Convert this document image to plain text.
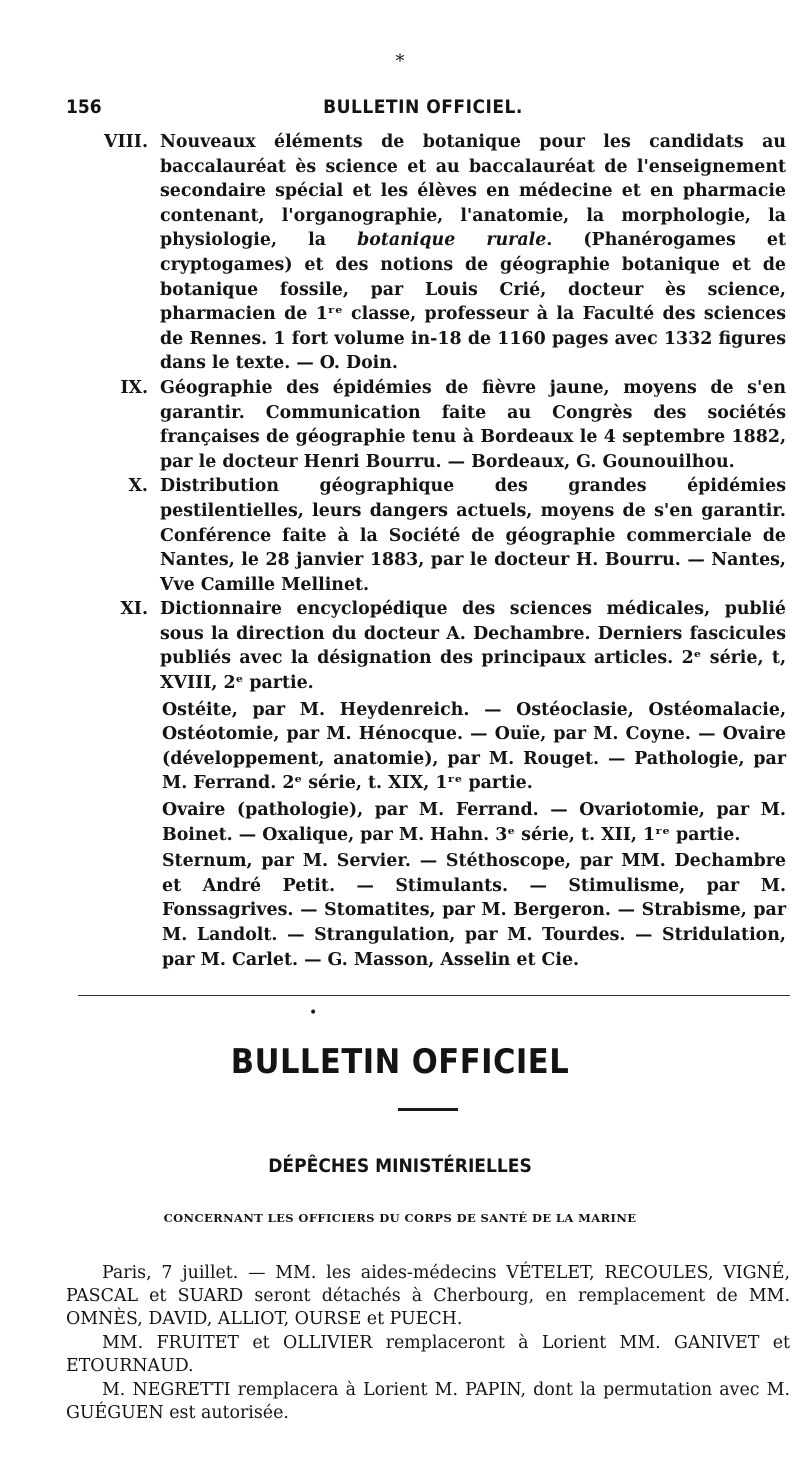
*
156	BULLETIN OFFICIEL.
VIII. Nouveaux éléments de botanique pour les candidats au baccalauréat ès science et au baccalauréat de l'enseignement secondaire spécial et les élèves en médecine et en pharmacie contenant, l'organographie, l'anatomie, la morphologie, la physiologie, la botanique rurale. (Phanérogames et cryptogames) et des notions de géographie botanique et de botanique fossile, par Louis Crié, docteur ès science, pharmacien de 1ʳᵉ classe, professeur à la Faculté des sciences de Rennes. 1 fort volume in-18 de 1160 pages avec 1332 figures dans le texte. — O. Doin.

IX. Géographie des épidémies de fièvre jaune, moyens de s'en garantir. Communication faite au Congrès des sociétés françaises de géographie tenu à Bordeaux le 4 septembre 1882, par le docteur Henri Bourru. — Bordeaux, G. Gounouilhou.

X. Distribution géographique des grandes épidémies pestilentielles, leurs dangers actuels, moyens de s'en garantir. Conférence faite à la Société de géographie commerciale de Nantes, le 28 janvier 1883, par le docteur H. Bourru. — Nantes, Vve Camille Mellinet.

XI. Dictionnaire encyclopédique des sciences médicales, publié sous la direction du docteur A. Dechambre. Derniers fascicules publiés avec la désignation des principaux articles. 2ᵉ série, t, XVIII, 2ᵉ partie.

Ostéite, par M. Heydenreich. — Ostéoclasie, Ostéomalacie, Ostéotomie, par M. Hénocque. — Ouïe, par M. Coyne. — Ovaire (développement, anatomie), par M. Rouget. — Pathologie, par M. Ferrand. 2ᵉ série, t. XIX, 1ʳᵉ partie.

Ovaire (pathologie), par M. Ferrand. — Ovariotomie, par M. Boinet. — Oxalique, par M. Hahn. 3ᵉ série, t. XII, 1ʳᵉ partie.

Sternum, par M. Servier. — Stéthoscope, par MM. Dechambre et André Petit. — Stimulants. — Stimulisme, par M. Fonssagrives. — Stomatites, par M. Bergeron. — Strabisme, par M. Landolt. — Strangulation, par M. Tourdes. — Stridulation, par M. Carlet. — G. Masson, Asselin et Cie.

•
BULLETIN OFFICIEL
DÉPÊCHES MINISTÉRIELLES
CONCERNANT LES OFFICIERS DU CORPS DE SANTÉ DE LA MARINE

Paris, 7 juillet. — MM. les aides-médecins VÉTELET, RECOULES, VIGNÉ, PASCAL et SUARD seront détachés à Cherbourg, en remplacement de MM. OMNÈS, DAVID, ALLIOT, OURSE et PUECH.

MM. FRUITET et OLLIVIER remplaceront à Lorient MM. GANIVET et ETOURNAUD.

M. NEGRETTI remplacera à Lorient M. PAPIN, dont la permutation avec M. GUÉGUEN est autorisée.
